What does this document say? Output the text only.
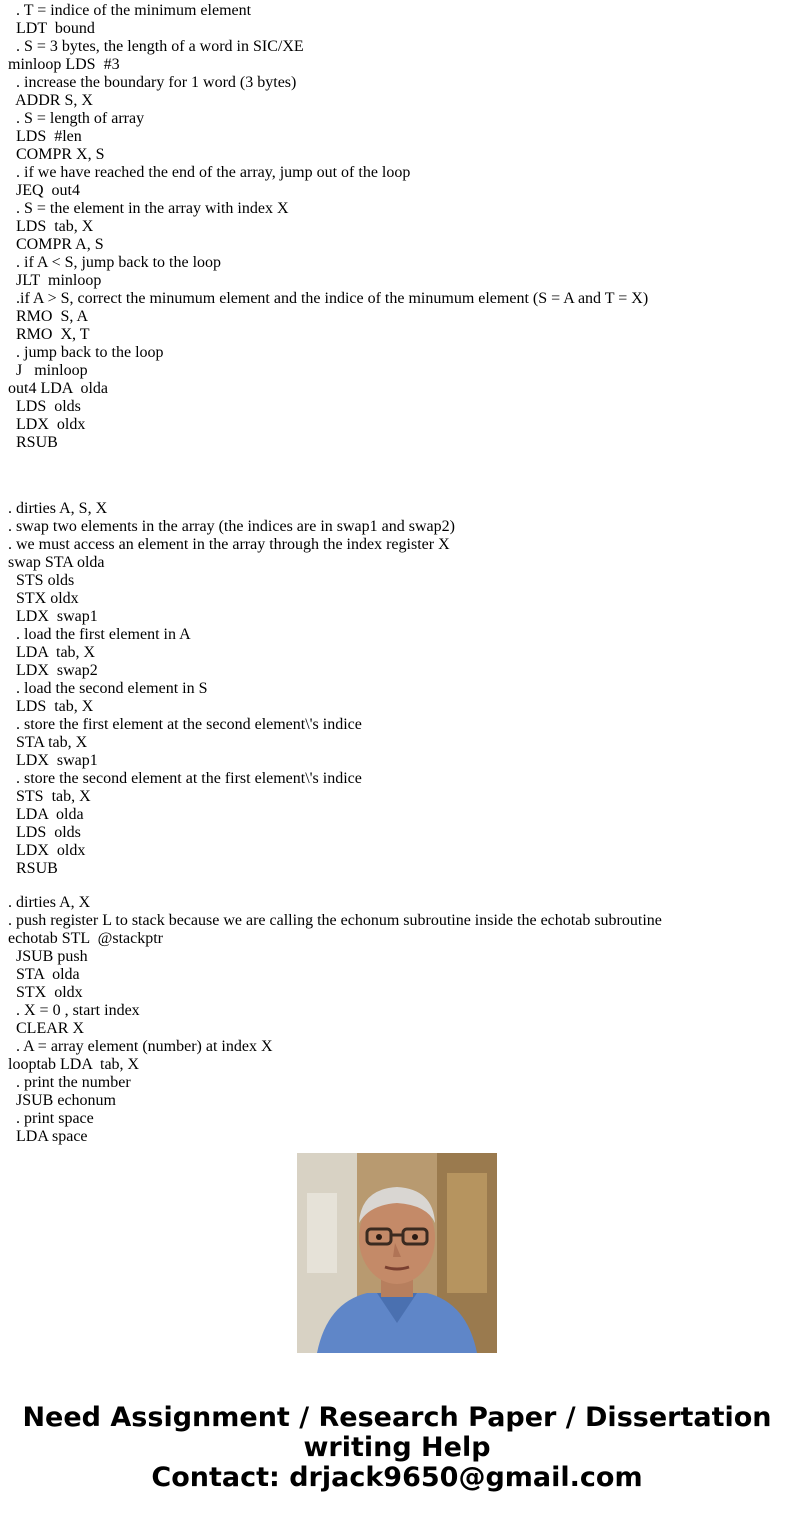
. T = indice of the minimum element
LDT  bound
. S = 3 bytes, the length of a word in SIC/XE
minloop LDS  #3
. increase the boundary for 1 word (3 bytes)
ADDR S, X
. S = length of array
LDS  #len
COMPR X, S
. if we have reached the end of the array, jump out of the loop
JEQ  out4
. S = the element in the array with index X
LDS  tab, X
COMPR A, S
. if A < S, jump back to the loop
JLT  minloop
.if A > S, correct the minumum element and the indice of the minumum element (S = A and T = X)
RMO  S, A
RMO  X, T
. jump back to the loop
J   minloop
out4 LDA  olda
LDS  olds
LDX  oldx
RSUB
. dirties A, S, X
. swap two elements in the array (the indices are in swap1 and swap2)
. we must access an element in the array through the index register X
swap STA olda
STS olds
STX oldx
LDX  swap1
. load the first element in A
LDA  tab, X
LDX  swap2
. load the second element in S
LDS  tab, X
. store the first element at the second element\'s indice
STA tab, X
LDX  swap1
. store the second element at the first element\'s indice
STS  tab, X
LDA  olda
LDS  olds
LDX  oldx
RSUB
. dirties A, X
. push register L to stack because we are calling the echonum subroutine inside the echotab subroutine
echotab STL  @stackptr
JSUB push
STA  olda
STX  oldx
. X = 0 , start index
CLEAR X
. A = array element (number) at index X
looptab LDA  tab, X
. print the number
JSUB echonum
. print space
LDA space
Need Assignment / Research Paper / Dissertation
writing Help
Contact: drjack9650@gmail.com
